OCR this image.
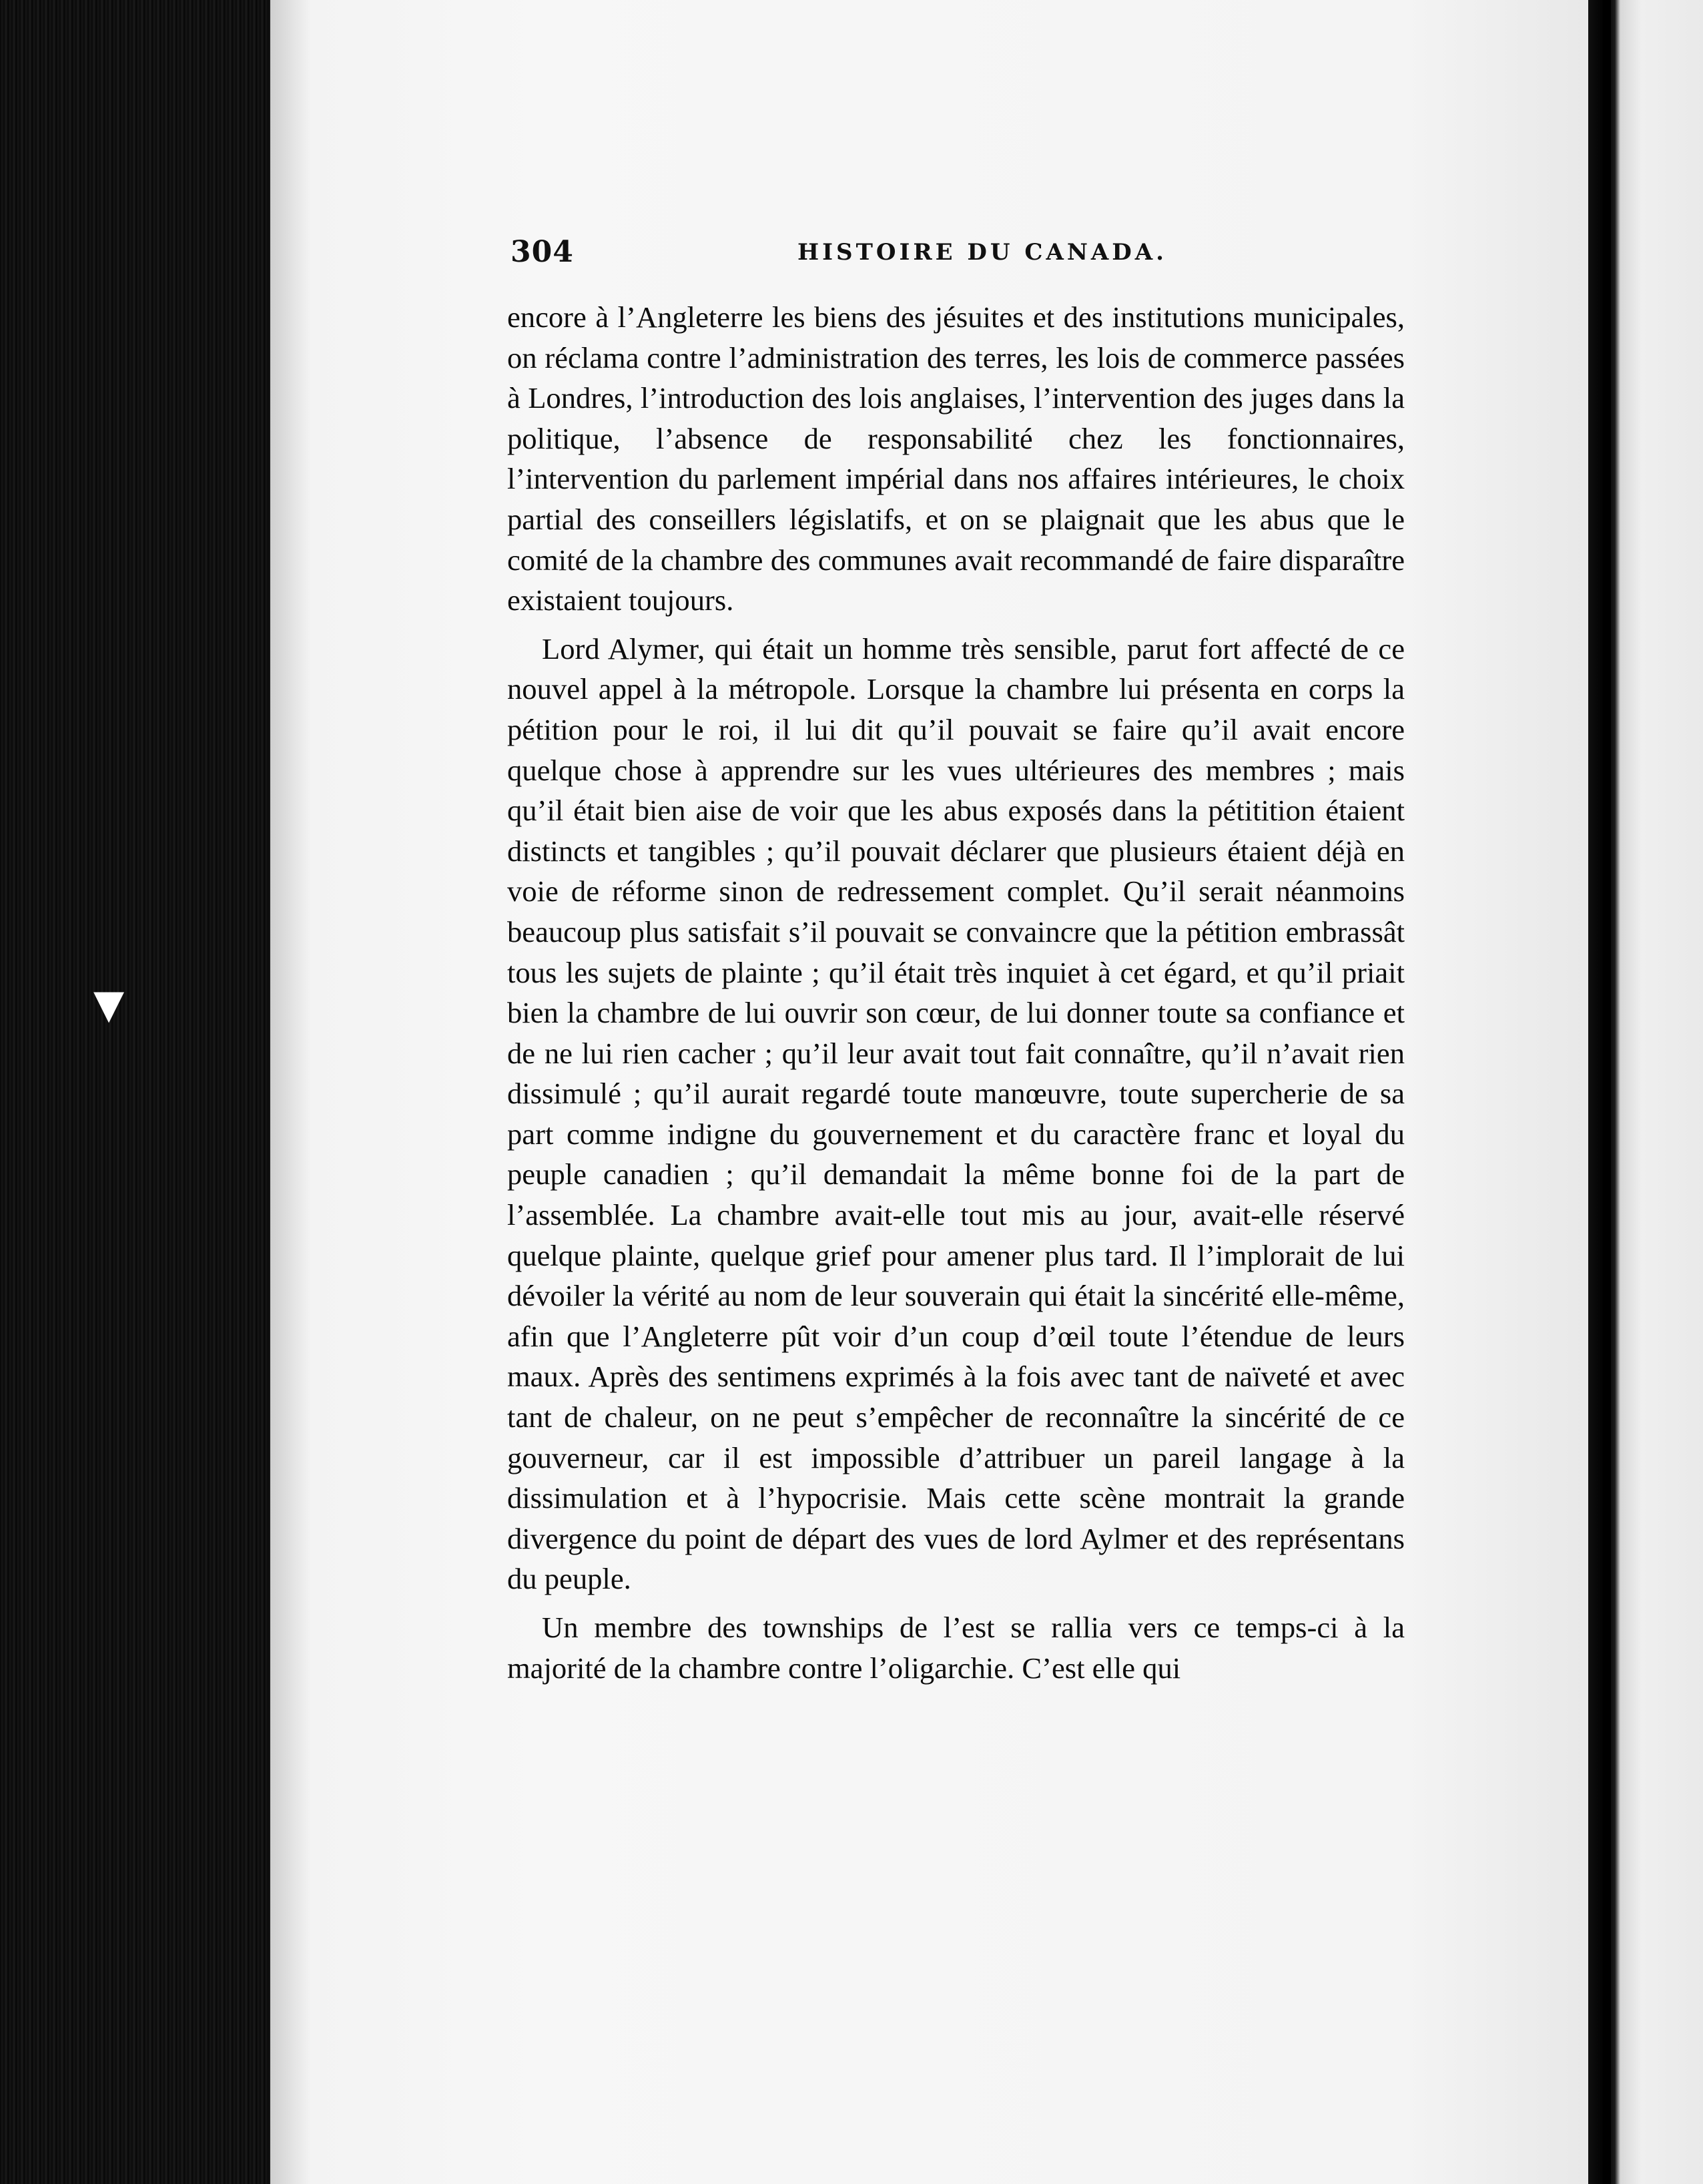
▼
304	HISTOIRE DU CANADA.

encore à l’Angleterre les biens des jésuites et des institutions municipales, on réclama contre l’administration des terres, les lois de commerce passées à Londres, l’introduction des lois anglaises, l’intervention des juges dans la politique, l’absence de responsabilité chez les fonctionnaires, l’intervention du parlement impérial dans nos affaires intérieures, le choix partial des conseillers législatifs, et on se plaignait que les abus que le comité de la chambre des communes avait recommandé de faire disparaître existaient toujours.

Lord Alymer, qui était un homme très sensible, parut fort affecté de ce nouvel appel à la métropole. Lorsque la chambre lui présenta en corps la pétition pour le roi, il lui dit qu’il pouvait se faire qu’il avait encore quelque chose à apprendre sur les vues ultérieures des membres ; mais qu’il était bien aise de voir que les abus exposés dans la pétitition étaient distincts et tangibles ; qu’il pouvait déclarer que plusieurs étaient déjà en voie de réforme sinon de redressement complet. Qu’il serait néanmoins beaucoup plus satisfait s’il pouvait se convaincre que la pétition embrassât tous les sujets de plainte ; qu’il était très inquiet à cet égard, et qu’il priait bien la chambre de lui ouvrir son cœur, de lui donner toute sa confiance et de ne lui rien cacher ; qu’il leur avait tout fait connaître, qu’il n’avait rien dissimulé ; qu’il aurait regardé toute manœuvre, toute supercherie de sa part comme indigne du gouvernement et du caractère franc et loyal du peuple canadien ; qu’il demandait la même bonne foi de la part de l’assemblée. La chambre avait-elle tout mis au jour, avait-elle réservé quelque plainte, quelque grief pour amener plus tard. Il l’implorait de lui dévoiler la vérité au nom de leur souverain qui était la sincérité elle-même, afin que l’Angleterre pût voir d’un coup d’œil toute l’étendue de leurs maux. Après des sentimens exprimés à la fois avec tant de naïveté et avec tant de chaleur, on ne peut s’empêcher de reconnaître la sincérité de ce gouverneur, car il est impossible d’attribuer un pareil langage à la dissimulation et à l’hypocrisie. Mais cette scène montrait la grande divergence du point de départ des vues de lord Aylmer et des représentans du peuple.

Un membre des townships de l’est se rallia vers ce temps-ci à la majorité de la chambre contre l’oligarchie. C’est elle qui
